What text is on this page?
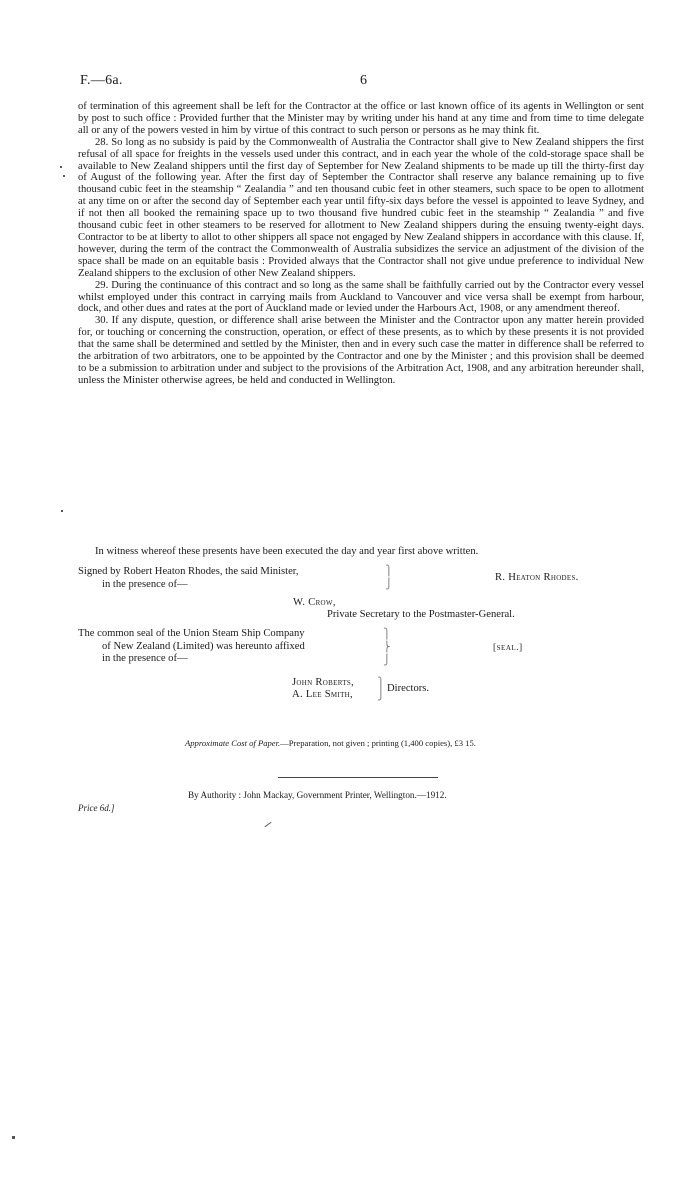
F.—6a.	6

of termination of this agreement shall be left for the Contractor at the office or last known office of its agents in Wellington or sent by post to such office : Provided further that the Minister may by writing under his hand at any time and from time to time delegate all or any of the powers vested in him by virtue of this contract to such person or persons as he may think fit.

28. So long as no subsidy is paid by the Commonwealth of Australia the Contractor shall give to New Zealand shippers the first refusal of all space for freights in the vessels used under this contract, and in each year the whole of the cold-storage space shall be available to New Zealand shippers until the first day of September for New Zealand shipments to be made up till the thirty-first day of August of the following year. After the first day of September the Contractor shall reserve any balance remaining up to five thousand cubic feet in the steamship “ Zealandia ” and ten thousand cubic feet in other steamers, such space to be open to allotment at any time on or after the second day of September each year until fifty-six days before the vessel is appointed to leave Sydney, and if not then all booked the remaining space up to two thousand five hundred cubic feet in the steamship “ Zealandia ” and five thousand cubic feet in other steamers to be reserved for allotment to New Zealand shippers during the ensuing twenty-eight days. Contractor to be at liberty to allot to other shippers all space not engaged by New Zealand shippers in accordance with this clause. If, however, during the term of the contract the Commonwealth of Australia subsidizes the service an adjustment of the division of the space shall be made on an equitable basis : Provided always that the Contractor shall not give undue preference to individual New Zealand shippers to the exclusion of other New Zealand shippers.

29. During the continuance of this contract and so long as the same shall be faithfully carried out by the Contractor every vessel whilst employed under this contract in carrying mails from Auckland to Vancouver and vice versa shall be exempt from harbour, dock, and other dues and rates at the port of Auckland made or levied under the Harbours Act, 1908, or any amendment thereof.

30. If any dispute, question, or difference shall arise between the Minister and the Contractor upon any matter herein provided for, or touching or concerning the construction, operation, or effect of these presents, as to which by these presents it is not provided that the same shall be determined and settled by the Minister, then and in every such case the matter in difference shall be referred to the arbitration of two arbitrators, one to be appointed by the Contractor and one by the Minister ; and this provision shall be deemed to be a submission to arbitration under and subject to the provisions of the Arbitration Act, 1908, and any arbitration hereunder shall, unless the Minister otherwise agrees, be held and conducted in Wellington.

In witness whereof these presents have been executed the day and year first above written.
Signed by Robert Heaton Rhodes, the said Minister,
in the presence of—
⎫
⎭
R. Heaton Rhodes.
W. Crow,
Private Secretary to the Postmaster-General.
The common seal of the Union Steam Ship Company
of New Zealand (Limited) was hereunto affixed
in the presence of—
⎫
⎬
⎭
[seal.]
John Roberts,
A. Lee Smith,
⎫
⎭
Directors.
Approximate Cost of Paper.—Preparation, not given ; printing (1,400 copies), £3 15.
By Authority : John Mackay, Government Printer, Wellington.—1912.
Price 6d.]
